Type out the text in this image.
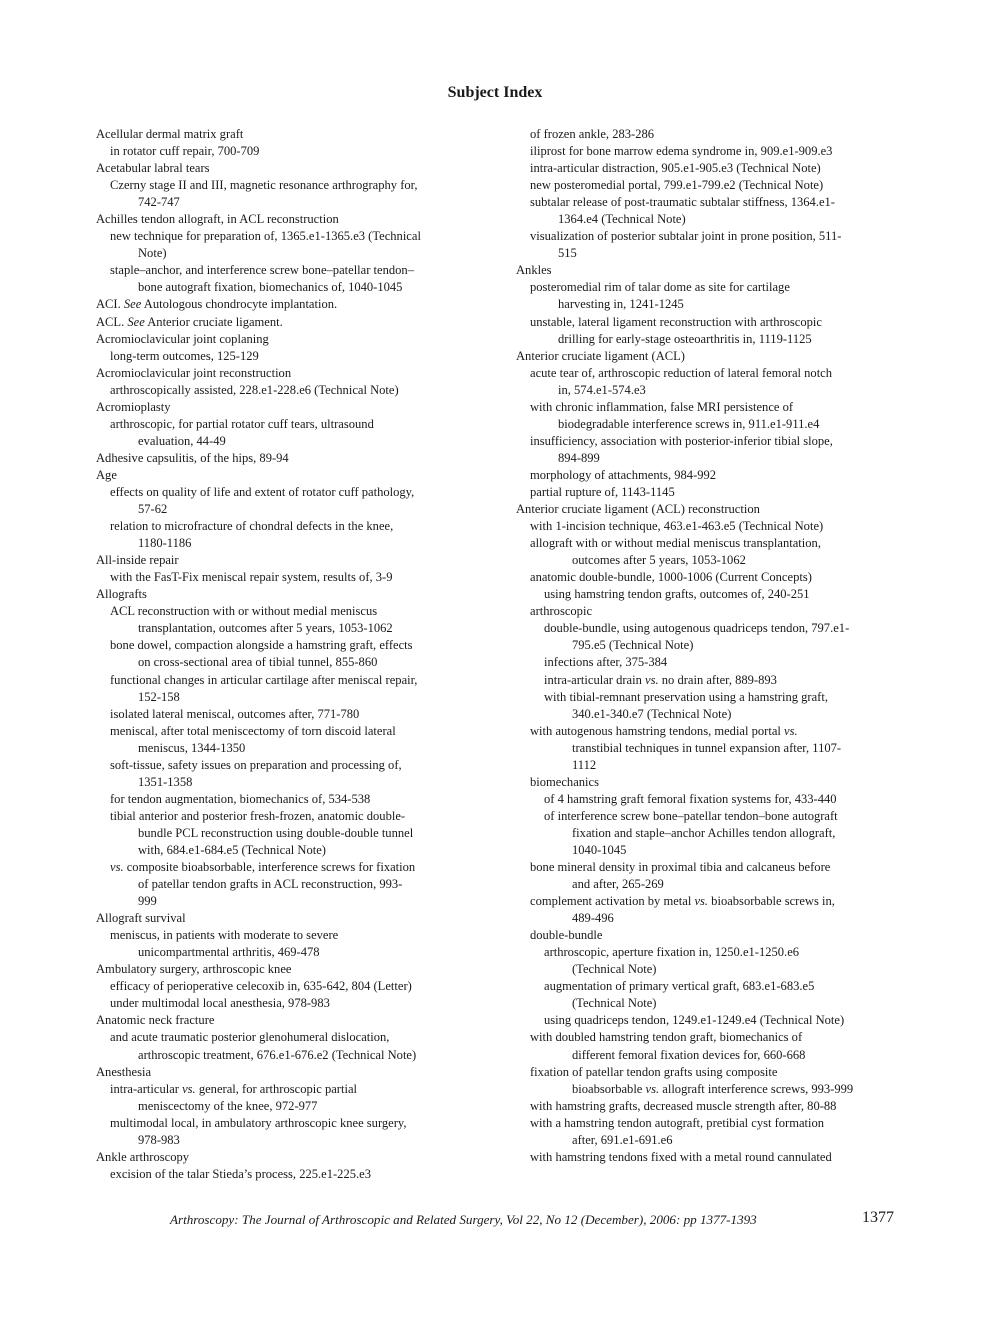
Subject Index
Acellular dermal matrix graft
in rotator cuff repair, 700-709
Acetabular labral tears
Czerny stage II and III, magnetic resonance arthrography for,
742-747
Achilles tendon allograft, in ACL reconstruction
new technique for preparation of, 1365.e1-1365.e3 (Technical
Note)
staple–anchor, and interference screw bone–patellar tendon–
bone autograft fixation, biomechanics of, 1040-1045
ACI. See Autologous chondrocyte implantation.
ACL. See Anterior cruciate ligament.
Acromioclavicular joint coplaning
long-term outcomes, 125-129
Acromioclavicular joint reconstruction
arthroscopically assisted, 228.e1-228.e6 (Technical Note)
Acromioplasty
arthroscopic, for partial rotator cuff tears, ultrasound
evaluation, 44-49
Adhesive capsulitis, of the hips, 89-94
Age
effects on quality of life and extent of rotator cuff pathology,
57-62
relation to microfracture of chondral defects in the knee,
1180-1186
All-inside repair
with the FasT-Fix meniscal repair system, results of, 3-9
Allografts
ACL reconstruction with or without medial meniscus
transplantation, outcomes after 5 years, 1053-1062
bone dowel, compaction alongside a hamstring graft, effects
on cross-sectional area of tibial tunnel, 855-860
functional changes in articular cartilage after meniscal repair,
152-158
isolated lateral meniscal, outcomes after, 771-780
meniscal, after total meniscectomy of torn discoid lateral
meniscus, 1344-1350
soft-tissue, safety issues on preparation and processing of,
1351-1358
for tendon augmentation, biomechanics of, 534-538
tibial anterior and posterior fresh-frozen, anatomic double-
bundle PCL reconstruction using double-double tunnel
with, 684.e1-684.e5 (Technical Note)
vs. composite bioabsorbable, interference screws for fixation
of patellar tendon grafts in ACL reconstruction, 993-
999
Allograft survival
meniscus, in patients with moderate to severe
unicompartmental arthritis, 469-478
Ambulatory surgery, arthroscopic knee
efficacy of perioperative celecoxib in, 635-642, 804 (Letter)
under multimodal local anesthesia, 978-983
Anatomic neck fracture
and acute traumatic posterior glenohumeral dislocation,
arthroscopic treatment, 676.e1-676.e2 (Technical Note)
Anesthesia
intra-articular vs. general, for arthroscopic partial
meniscectomy of the knee, 972-977
multimodal local, in ambulatory arthroscopic knee surgery,
978-983
Ankle arthroscopy
excision of the talar Stieda’s process, 225.e1-225.e3
of frozen ankle, 283-286
iliprost for bone marrow edema syndrome in, 909.e1-909.e3
intra-articular distraction, 905.e1-905.e3 (Technical Note)
new posteromedial portal, 799.e1-799.e2 (Technical Note)
subtalar release of post-traumatic subtalar stiffness, 1364.e1-
1364.e4 (Technical Note)
visualization of posterior subtalar joint in prone position, 511-
515
Ankles
posteromedial rim of talar dome as site for cartilage
harvesting in, 1241-1245
unstable, lateral ligament reconstruction with arthroscopic
drilling for early-stage osteoarthritis in, 1119-1125
Anterior cruciate ligament (ACL)
acute tear of, arthroscopic reduction of lateral femoral notch
in, 574.e1-574.e3
with chronic inflammation, false MRI persistence of
biodegradable interference screws in, 911.e1-911.e4
insufficiency, association with posterior-inferior tibial slope,
894-899
morphology of attachments, 984-992
partial rupture of, 1143-1145
Anterior cruciate ligament (ACL) reconstruction
with 1-incision technique, 463.e1-463.e5 (Technical Note)
allograft with or without medial meniscus transplantation,
outcomes after 5 years, 1053-1062
anatomic double-bundle, 1000-1006 (Current Concepts)
using hamstring tendon grafts, outcomes of, 240-251
arthroscopic
double-bundle, using autogenous quadriceps tendon, 797.e1-
795.e5 (Technical Note)
infections after, 375-384
intra-articular drain vs. no drain after, 889-893
with tibial-remnant preservation using a hamstring graft,
340.e1-340.e7 (Technical Note)
with autogenous hamstring tendons, medial portal vs.
transtibial techniques in tunnel expansion after, 1107-
1112
biomechanics
of 4 hamstring graft femoral fixation systems for, 433-440
of interference screw bone–patellar tendon–bone autograft
fixation and staple–anchor Achilles tendon allograft,
1040-1045
bone mineral density in proximal tibia and calcaneus before
and after, 265-269
complement activation by metal vs. bioabsorbable screws in,
489-496
double-bundle
arthroscopic, aperture fixation in, 1250.e1-1250.e6
(Technical Note)
augmentation of primary vertical graft, 683.e1-683.e5
(Technical Note)
using quadriceps tendon, 1249.e1-1249.e4 (Technical Note)
with doubled hamstring tendon graft, biomechanics of
different femoral fixation devices for, 660-668
fixation of patellar tendon grafts using composite
bioabsorbable vs. allograft interference screws, 993-999
with hamstring grafts, decreased muscle strength after, 80-88
with a hamstring tendon autograft, pretibial cyst formation
after, 691.e1-691.e6
with hamstring tendons fixed with a metal round cannulated
Arthroscopy: The Journal of Arthroscopic and Related Surgery, Vol 22, No 12 (December), 2006: pp 1377-1393	1377
